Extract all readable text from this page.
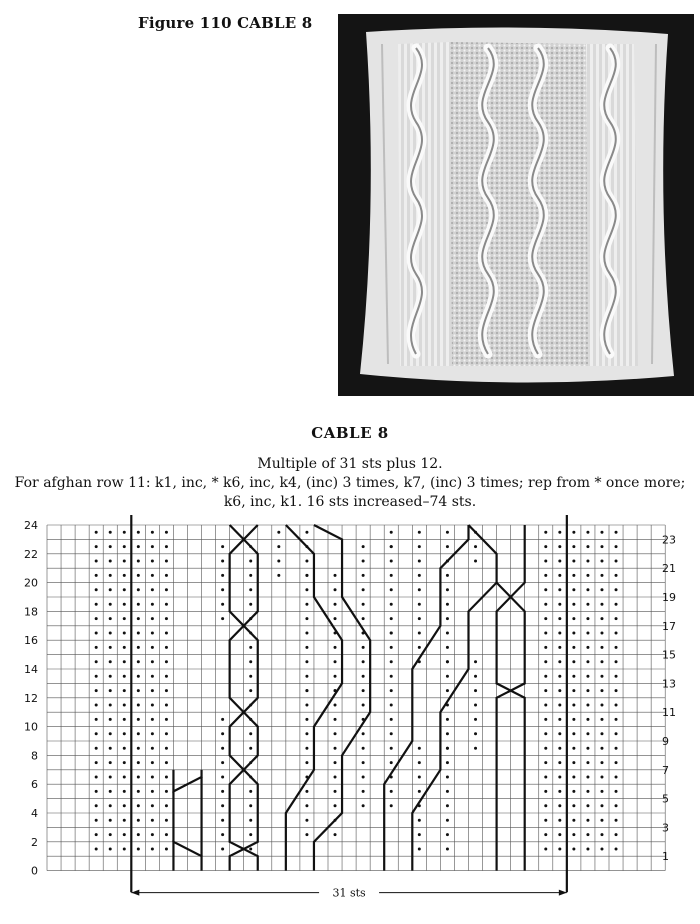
Figure 110 CABLE 8
CABLE 8
Multiple of 31 sts plus 12.
For afghan row 11: k1, inc, * k6, inc, k4, (inc) 3 times, k7, (inc) 3 times; rep from * once more;
k6, inc, k1. 16 sts increased–74 sts.
24
22
20
18
16
14
12
10
8
6
4
2
0
23
21
19
17
15
13
11
9
7
5
3
1
31 sts
